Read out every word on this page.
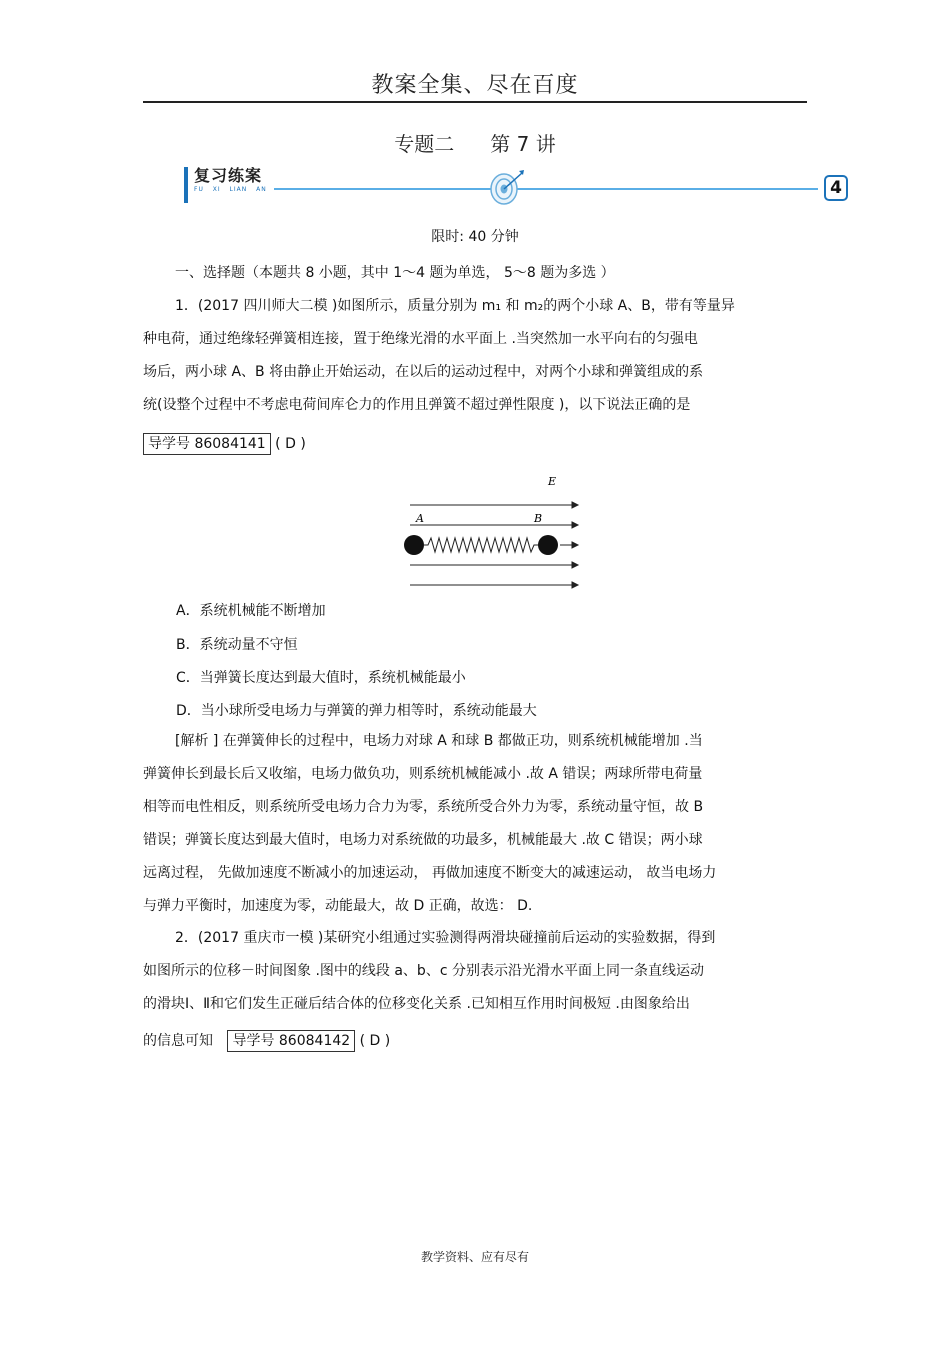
教案全集、尽在百度
专题二 第 7 讲
复习练案
FU XI LIAN AN	4
限时: 40 分钟
一、选择题（本题共 8 小题，其中 1～4 题为单选， 5～8 题为多选 ）
1．(2017 四川师大二模 )如图所示，质量分别为 m₁ 和 m₂的两个小球 A、B，带有等量异
种电荷，通过绝缘轻弹簧相连接，置于绝缘光滑的水平面上 .当突然加一水平向右的匀强电
场后，两小球 A、B 将由静止开始运动，在以后的运动过程中，对两个小球和弹簧组成的系
统(设整个过程中不考虑电荷间库仑力的作用且弹簧不超过弹性限度 )，以下说法正确的是
导学号 86084141 ( D )
E
A	B
A．系统机械能不断增加
B．系统动量不守恒
C．当弹簧长度达到最大值时，系统机械能最小
D．当小球所受电场力与弹簧的弹力相等时，系统动能最大
[解析 ] 在弹簧伸长的过程中，电场力对球 A 和球 B 都做正功，则系统机械能增加 .当
弹簧伸长到最长后又收缩，电场力做负功，则系统机械能减小 .故 A 错误；两球所带电荷量
相等而电性相反，则系统所受电场力合力为零，系统所受合外力为零，系统动量守恒，故 B
错误；弹簧长度达到最大值时，电场力对系统做的功最多，机械能最大 .故 C 错误；两小球
远离过程， 先做加速度不断减小的加速运动， 再做加速度不断变大的减速运动， 故当电场力
与弹力平衡时，加速度为零，动能最大，故 D 正确，故选： D.
2．(2017 重庆市一模 )某研究小组通过实验测得两滑块碰撞前后运动的实验数据，得到
如图所示的位移－时间图象 .图中的线段 a、b、c 分别表示沿光滑水平面上同一条直线运动
的滑块Ⅰ、Ⅱ和它们发生正碰后结合体的位移变化关系 .已知相互作用时间极短 .由图象给出
的信息可知 导学号 86084142 ( D )
教学资料、应有尽有
